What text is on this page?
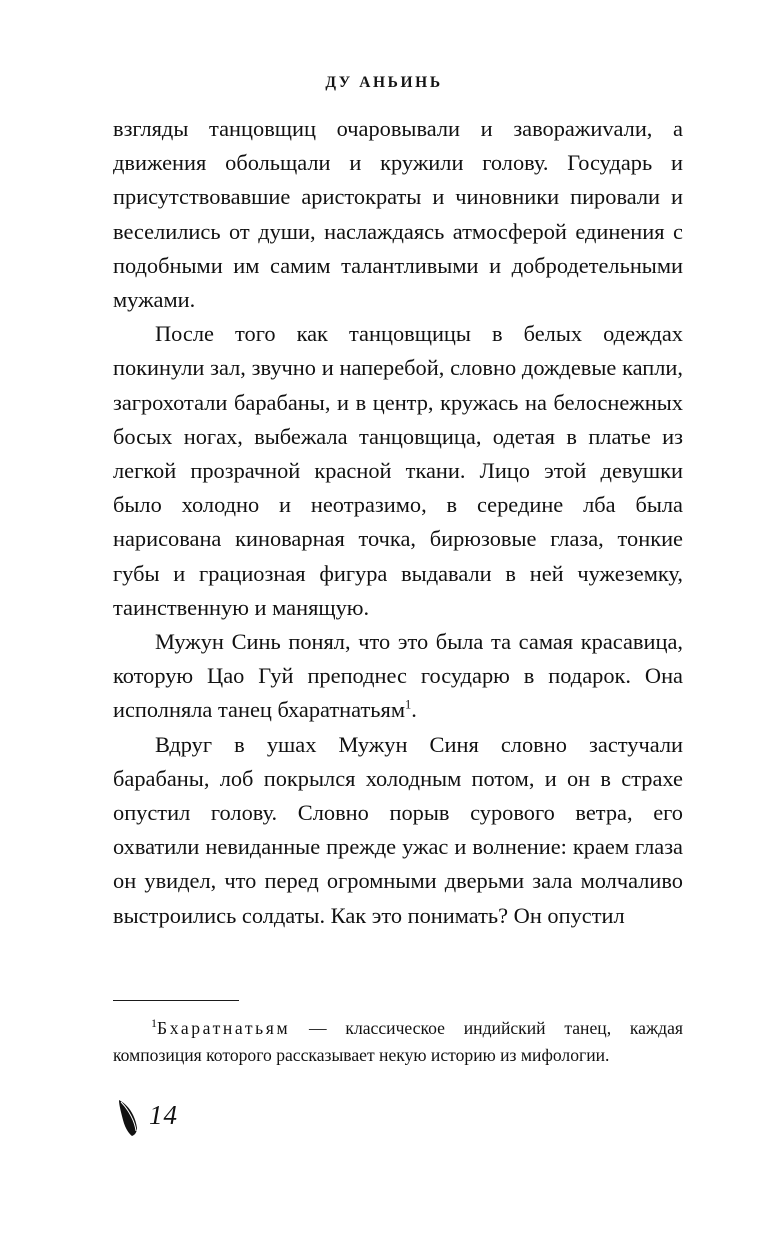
ДУ АНЬИНЬ

взгляды танцовщиц очаровывали и заворажиvали, а движения обольщали и кружили голову. Государь и присутствовавшие аристократы и чиновники пировали и веселились от души, наслаждаясь атмосферой единения с подобными им самим талантливыми и добродетельными мужами.

После того как танцовщицы в белых одеждах покинули зал, звучно и наперебой, словно дождевые капли, загрохотали барабаны, и в центр, кружась на белоснежных босых ногах, выбежала танцовщица, одетая в платье из легкой прозрачной красной ткани. Лицо этой девушки было холодно и неотразимо, в середине лба была нарисована киноварная точка, бирюзовые глаза, тонкие губы и грациозная фигура выдавали в ней чужеземку, таинственную и манящую.

Мужун Синь понял, что это была та самая красавица, которую Цао Гуй преподнес государю в подарок. Она исполняла танец бхаратнатьям$^1$.

Вдруг в ушах Мужун Синя словно застучали барабаны, лоб покрылся холодным потом, и он в страхе опустил голову. Словно порыв сурового ветра, его охватили невиданные прежде ужас и волнение: краем глаза он увидел, что перед огромными дверьми зала молчаливо выстроились солдаты. Как это понимать? Он опустил

$^1$Бхаратнатьям — классическое индийский танец, каждая композиция которого рассказывает некую историю из мифологии.

14
